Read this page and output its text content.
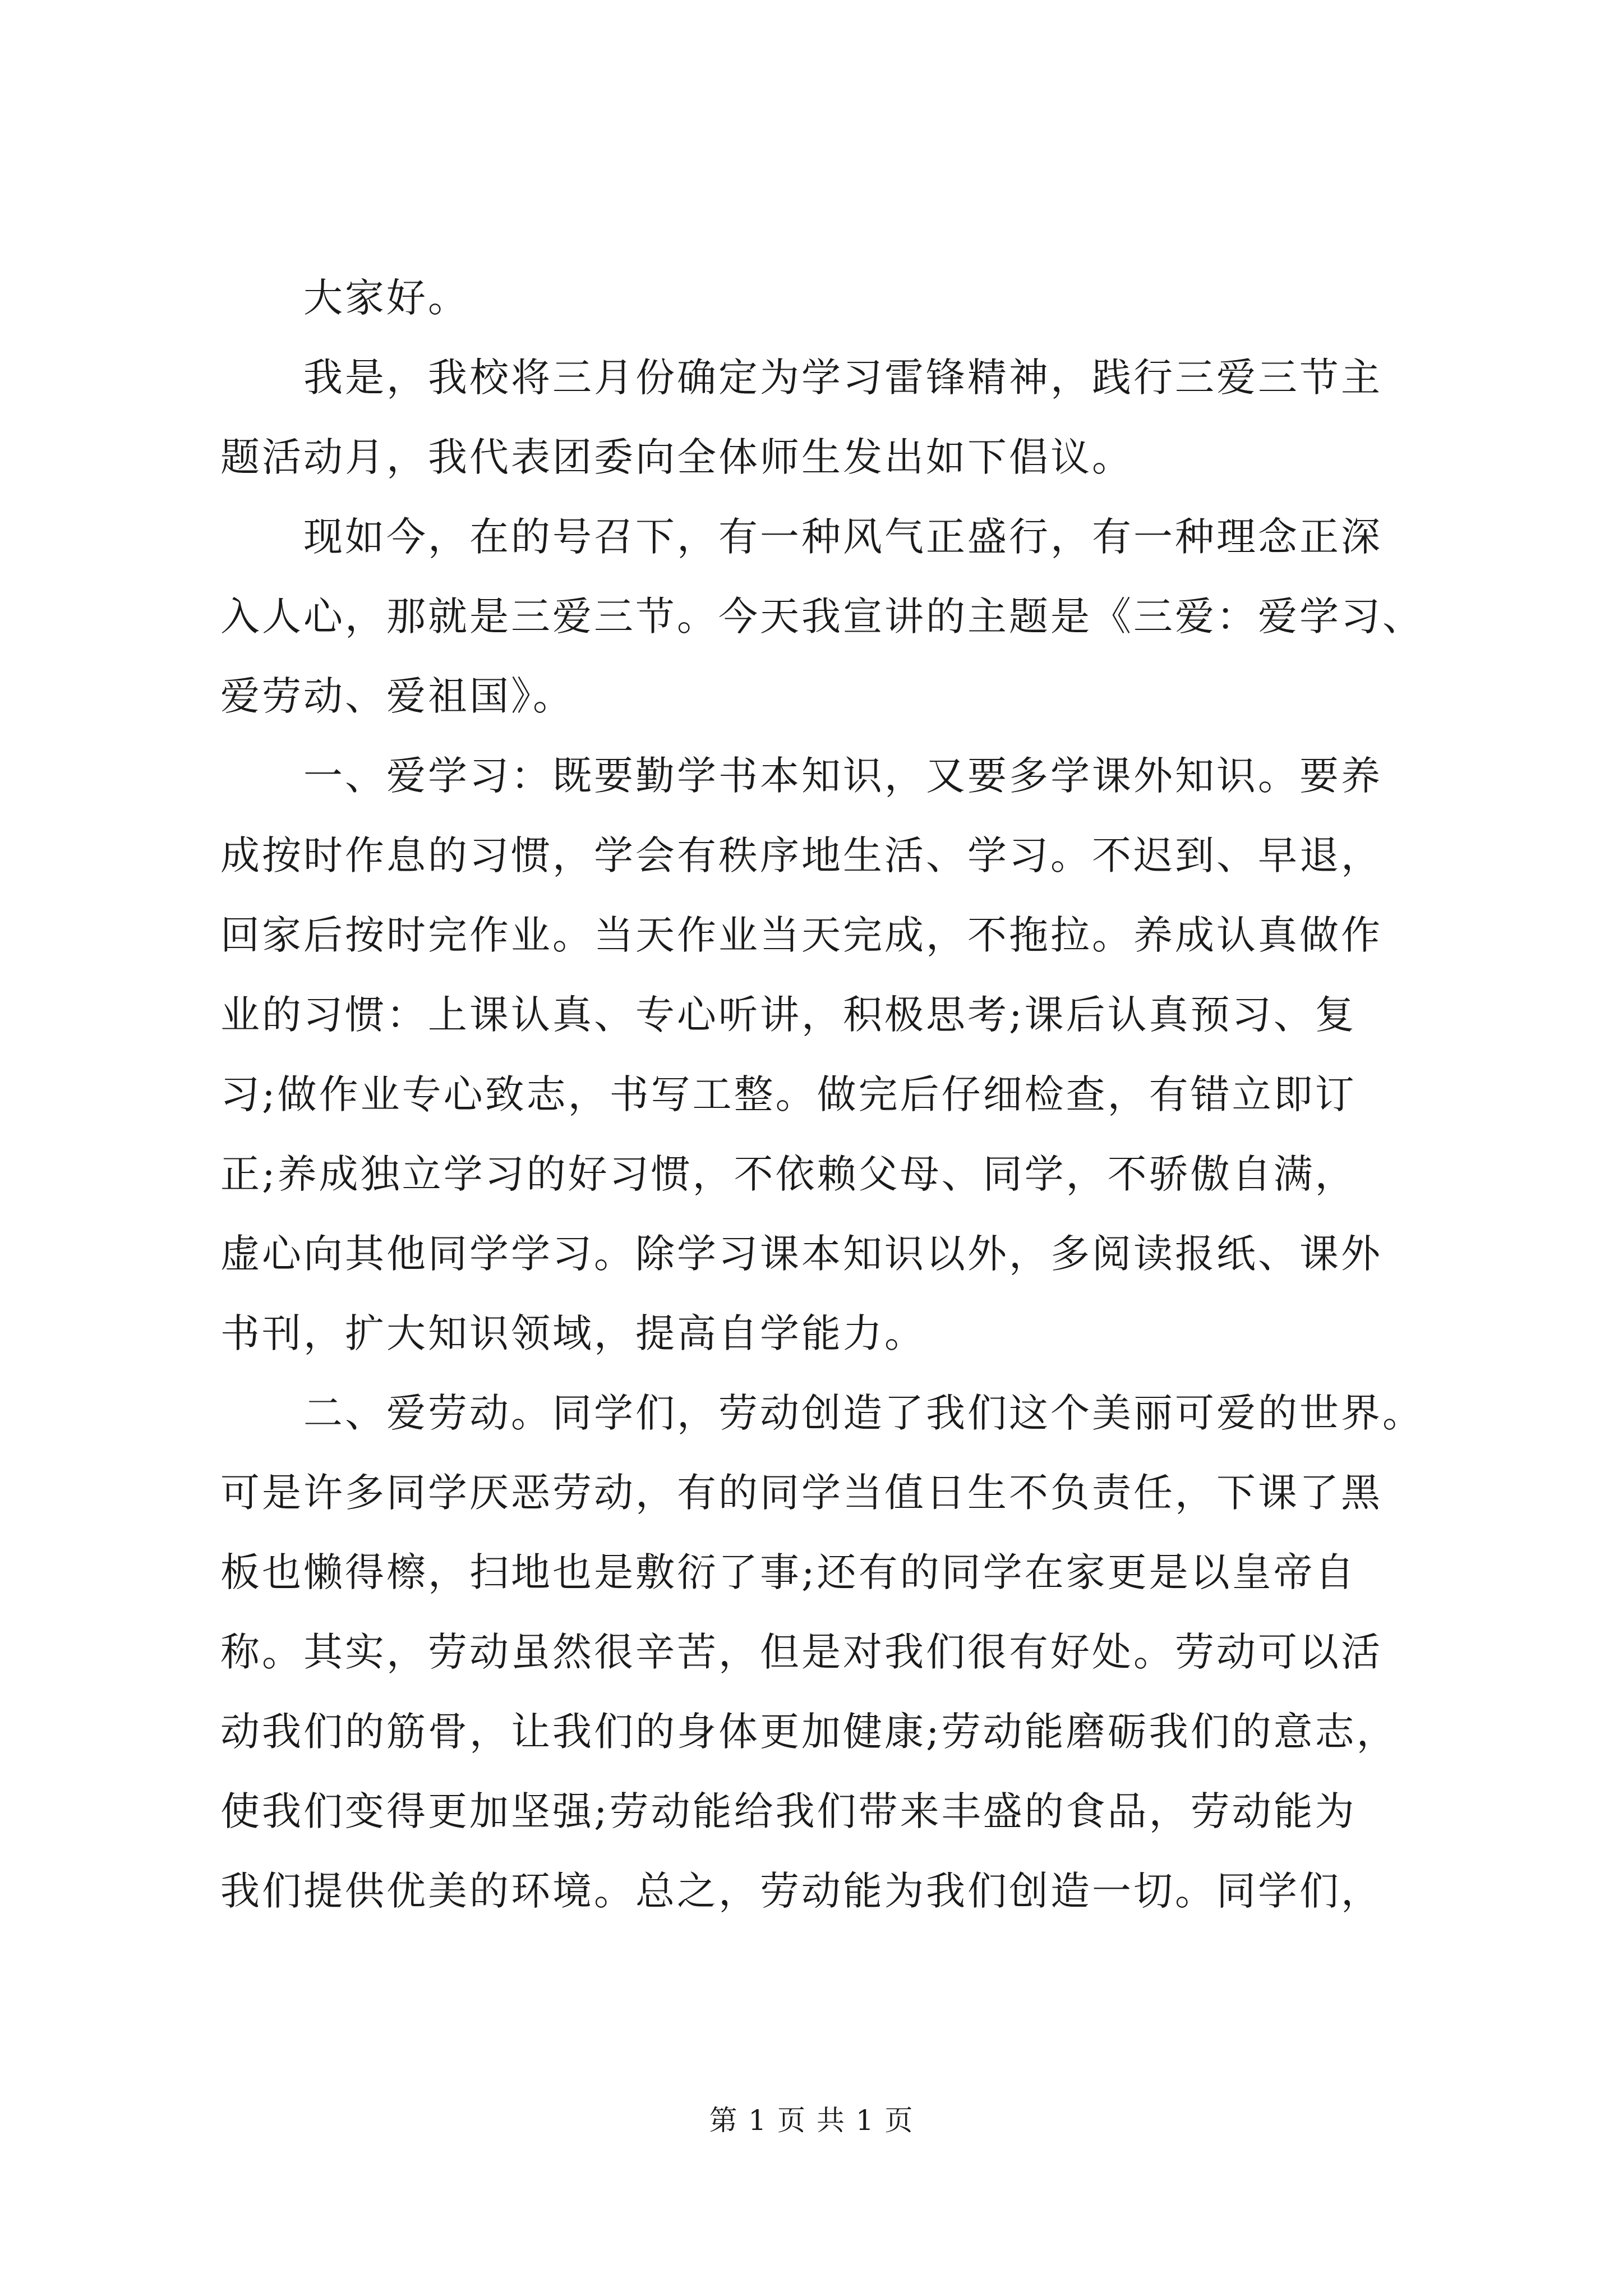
　　大家好。
　　我是，我校将三月份确定为学习雷锋精神，践行三爱三节主
题活动月，我代表团委向全体师生发出如下倡议。
　　现如今，在的号召下，有一种风气正盛行，有一种理念正深
入人心，那就是三爱三节。今天我宣讲的主题是《三爱：爱学习、
爱劳动、爱祖国》。
　　一、爱学习：既要勤学书本知识，又要多学课外知识。要养
成按时作息的习惯，学会有秩序地生活、学习。不迟到、早退，
回家后按时完作业。当天作业当天完成，不拖拉。养成认真做作
业的习惯：上课认真、专心听讲，积极思考;课后认真预习、复
习;做作业专心致志，书写工整。做完后仔细检查，有错立即订
正;养成独立学习的好习惯，不依赖父母、同学，不骄傲自满，
虚心向其他同学学习。除学习课本知识以外，多阅读报纸、课外
书刊，扩大知识领域，提高自学能力。
　　二、爱劳动。同学们，劳动创造了我们这个美丽可爱的世界。
可是许多同学厌恶劳动，有的同学当值日生不负责任，下课了黑
板也懒得檫，扫地也是敷衍了事;还有的同学在家更是以皇帝自
称。其实，劳动虽然很辛苦，但是对我们很有好处。劳动可以活
动我们的筋骨，让我们的身体更加健康;劳动能磨砺我们的意志，
使我们变得更加坚强;劳动能给我们带来丰盛的食品，劳动能为
我们提供优美的环境。总之，劳动能为我们创造一切。同学们，
第 1 页 共 1 页
